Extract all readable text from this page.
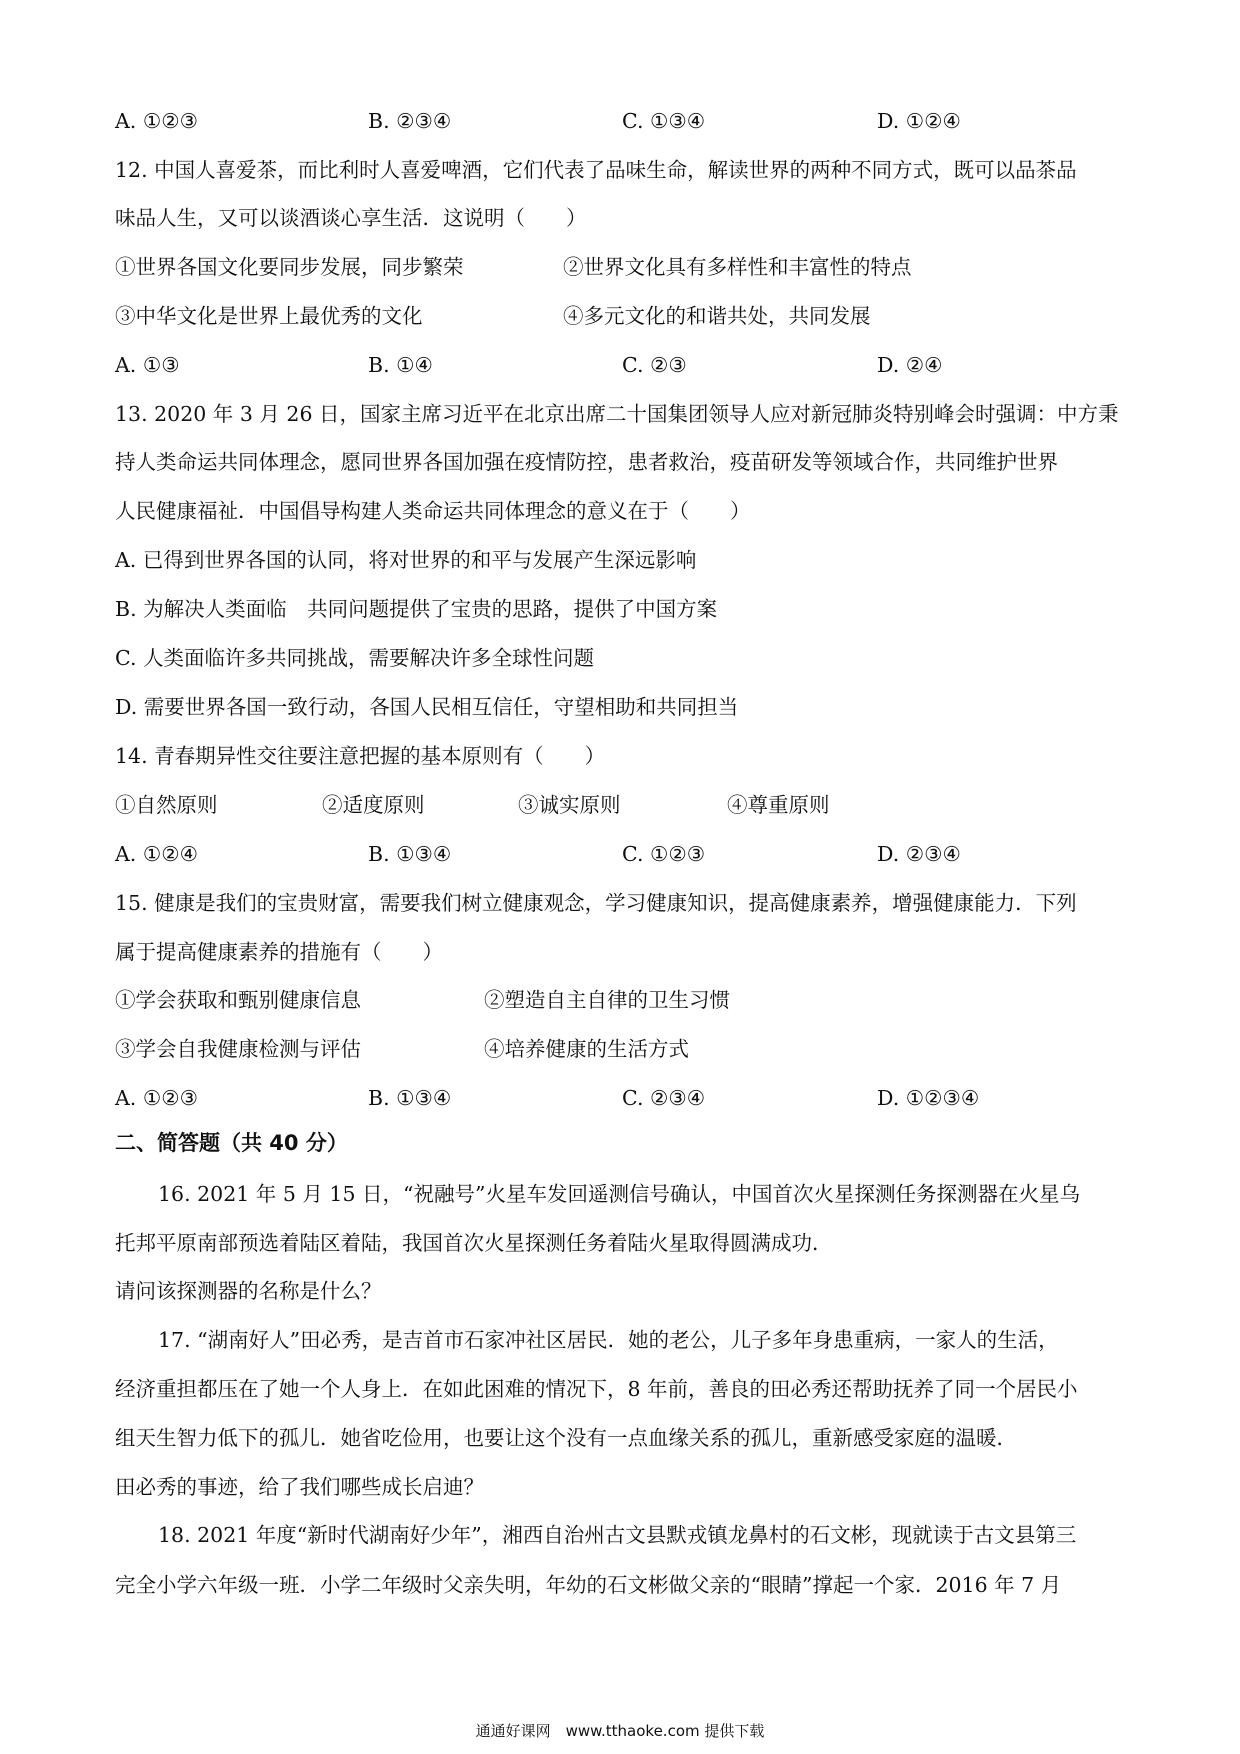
A. ①②③	B. ②③④	C. ①③④	D. ①②④
12. 中国人喜爱茶，而比利时人喜爱啤酒，它们代表了品味生命，解读世界的两种不同方式，既可以品茶品
味品人生，又可以谈酒谈心享生活．这说明（　　）
①世界各国文化要同步发展，同步繁荣	②世界文化具有多样性和丰富性的特点
③中华文化是世界上最优秀的文化	④多元文化的和谐共处，共同发展
A. ①③	B. ①④	C. ②③	D. ②④
13. 2020 年 3 月 26 日，国家主席习近平在北京出席二十国集团领导人应对新冠肺炎特别峰会时强调：中方秉
持人类命运共同体理念，愿同世界各国加强在疫情防控，患者救治，疫苗研发等领域合作，共同维护世界
人民健康福祉．中国倡导构建人类命运共同体理念的意义在于（　　）
A. 已得到世界各国的认同，将对世界的和平与发展产生深远影响
B. 为解决人类面临　共同问题提供了宝贵的思路，提供了中国方案
C. 人类面临许多共同挑战，需要解决许多全球性问题
D. 需要世界各国一致行动，各国人民相互信任，守望相助和共同担当
14. 青春期异性交往要注意把握的基本原则有（　　）
①自然原则	②适度原则	③诚实原则	④尊重原则
A. ①②④	B. ①③④	C. ①②③	D. ②③④
15. 健康是我们的宝贵财富，需要我们树立健康观念，学习健康知识，提高健康素养，增强健康能力．下列
属于提高健康素养的措施有（　　）
①学会获取和甄别健康信息	②塑造自主自律的卫生习惯
③学会自我健康检测与评估	④培养健康的生活方式
A. ①②③	B. ①③④	C. ②③④	D. ①②③④
二、简答题（共 40 分）
16. 2021 年 5 月 15 日，“祝融号”火星车发回遥测信号确认，中国首次火星探测任务探测器在火星乌
托邦平原南部预选着陆区着陆，我国首次火星探测任务着陆火星取得圆满成功．
请问该探测器的名称是什么？
17. “湖南好人”田必秀，是吉首市石家冲社区居民．她的老公，儿子多年身患重病，一家人的生活，
经济重担都压在了她一个人身上．在如此困难的情况下，8 年前，善良的田必秀还帮助抚养了同一个居民小
组天生智力低下的孤儿．她省吃俭用，也要让这个没有一点血缘关系的孤儿，重新感受家庭的温暖．
田必秀的事迹，给了我们哪些成长启迪？
18. 2021 年度“新时代湖南好少年”，湘西自治州古文县默戎镇龙鼻村的石文彬，现就读于古文县第三
完全小学六年级一班．小学二年级时父亲失明，年幼的石文彬做父亲的“眼睛”撑起一个家．2016 年 7 月
通通好课网　www.tthaoke.com 提供下载
